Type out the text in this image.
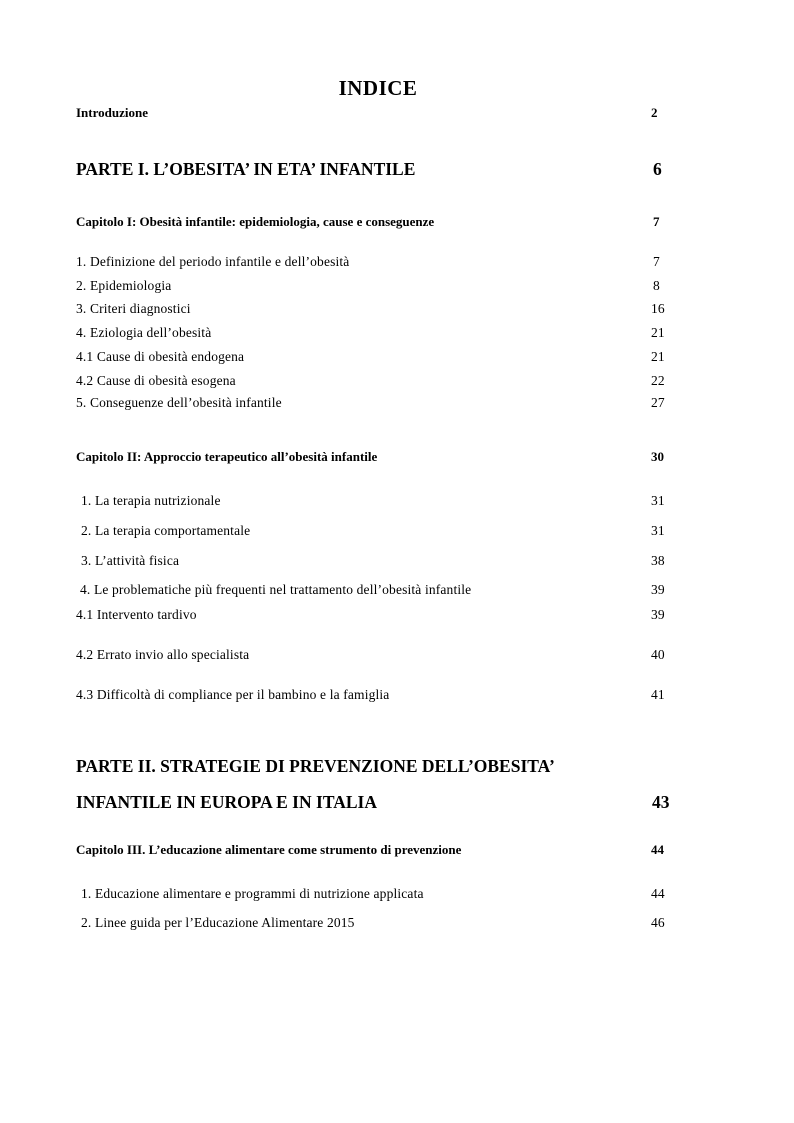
INDICE
Introduzione	2
PARTE I. L’OBESITA’ IN ETA’ INFANTILE	6
Capitolo I: Obesità infantile: epidemiologia, cause e conseguenze	7
1. Definizione del periodo infantile e dell’obesità	7
2. Epidemiologia	8
3. Criteri diagnostici	16
4. Eziologia dell’obesità	21
4.1 Cause di obesità endogena	21
4.2 Cause di obesità esogena	22
5. Conseguenze dell’obesità infantile	27
Capitolo II: Approccio terapeutico all’obesità infantile	30
1. La terapia nutrizionale	31
2. La terapia comportamentale	31
3. L’attività fisica	38
4. Le problematiche più frequenti nel trattamento dell’obesità infantile	39
4.1 Intervento tardivo	39
4.2 Errato invio allo specialista	40
4.3 Difficoltà di compliance per il bambino e la famiglia	41
PARTE II. STRATEGIE DI PREVENZIONE DELL’OBESITA’
INFANTILE IN EUROPA E IN ITALIA	43
Capitolo III. L’educazione alimentare come strumento di prevenzione	44
1. Educazione alimentare e programmi di nutrizione applicata	44
2. Linee guida per l’Educazione Alimentare 2015	46
